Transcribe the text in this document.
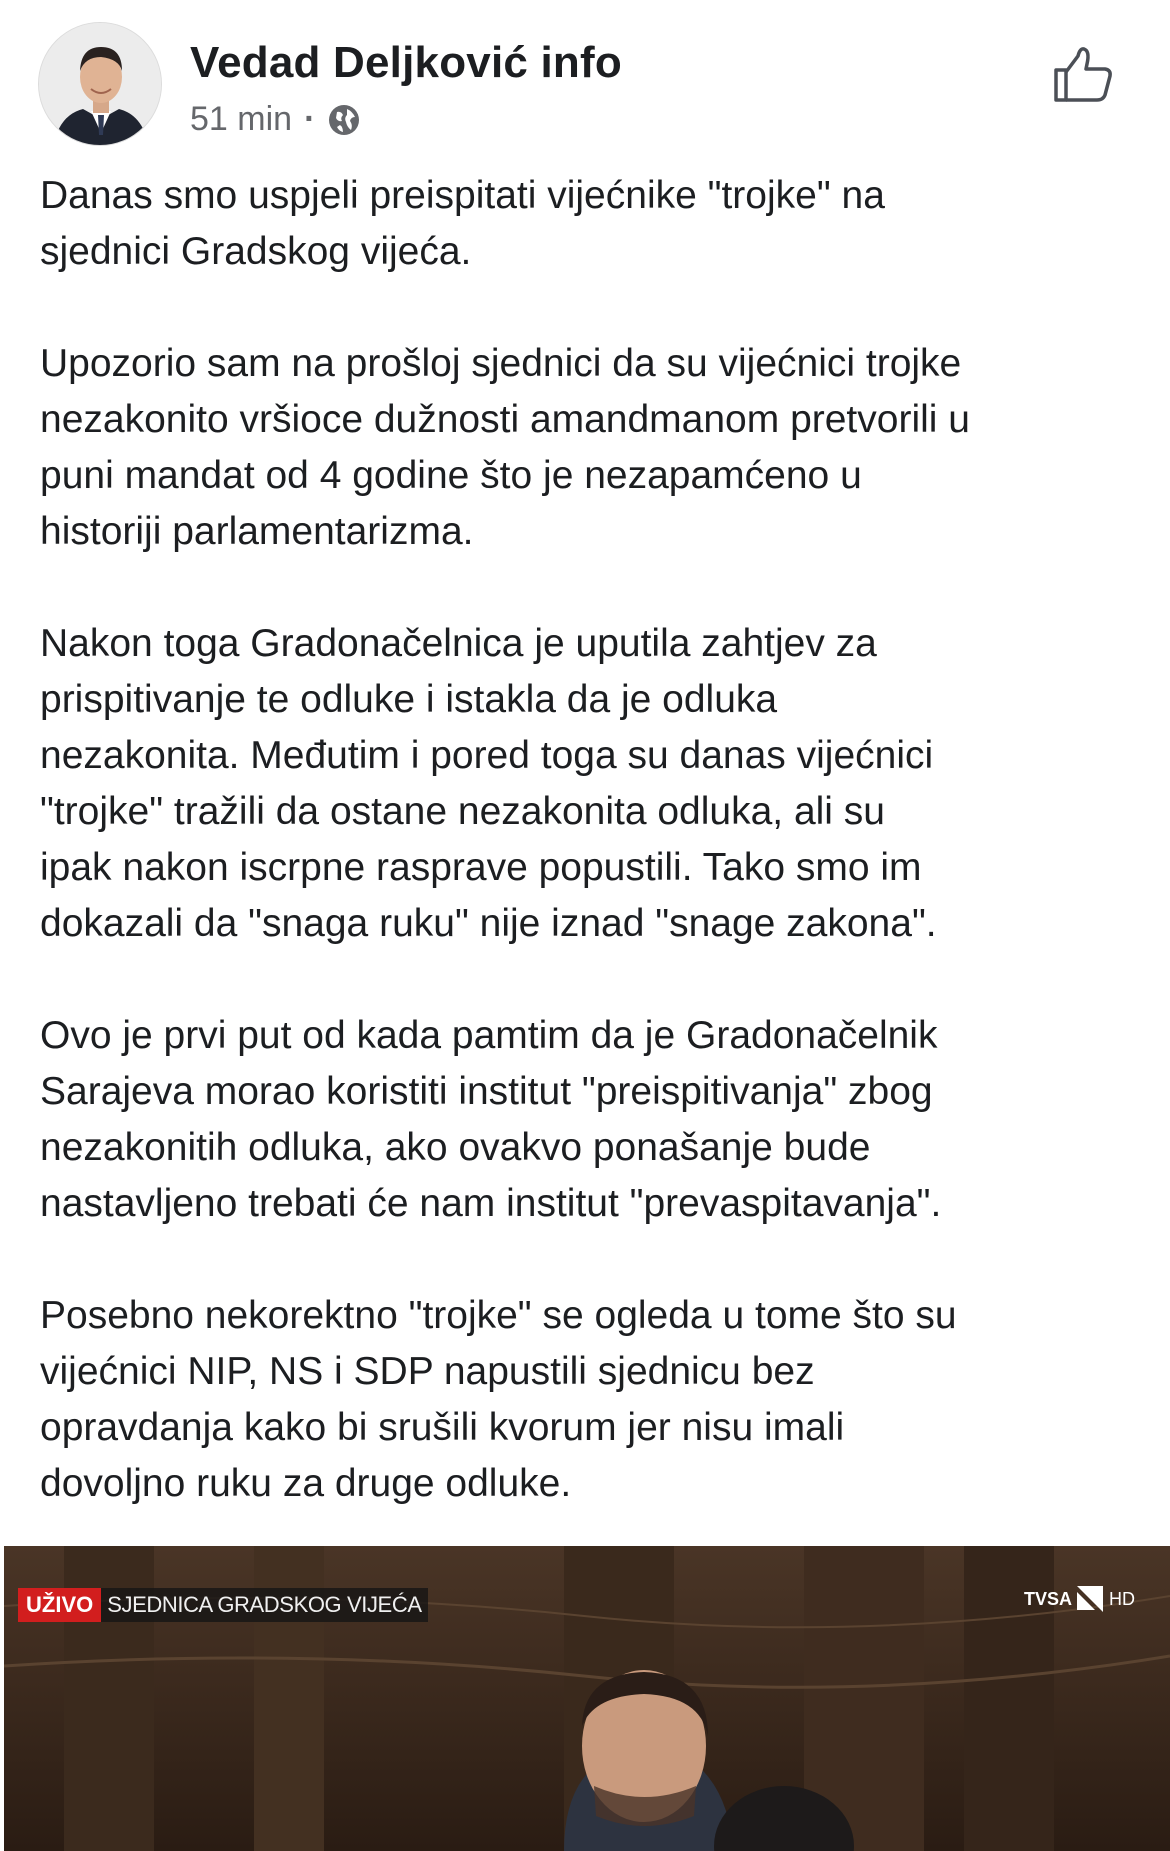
Vedad Deljković info
51 min ·

Danas smo uspjeli preispitati vijećnike "trojke" na
sjednici Gradskog vijeća.

Upozorio sam na prošloj sjednici da su vijećnici trojke
nezakonito vršioce dužnosti amandmanom pretvorili u
puni mandat od 4 godine što je nezapamćeno u
historiji parlamentarizma.

Nakon toga Gradonačelnica je uputila zahtjev za
prispitivanje te odluke i istakla da je odluka
nezakonita. Međutim i pored toga su danas vijećnici
"trojke" tražili da ostane nezakonita odluka, ali su
ipak nakon iscrpne rasprave popustili. Tako smo im
dokazali da "snaga ruku" nije iznad "snage zakona".

Ovo je prvi put od kada pamtim da je Gradonačelnik
Sarajeva morao koristiti institut "preispitivanja" zbog
nezakonitih odluka, ako ovakvo ponašanje bude
nastavljeno trebati će nam institut "prevaspitavanja".

Posebno nekorektno "trojke" se ogleda u tome što su
vijećnici NIP, NS i SDP napustili sjednicu bez
opravdanja kako bi srušili kvorum jer nisu imali
dovoljno ruku za druge odluke.

UŽIVO SJEDNICA GRADSKOG VIJEĆA	TVSA HD
